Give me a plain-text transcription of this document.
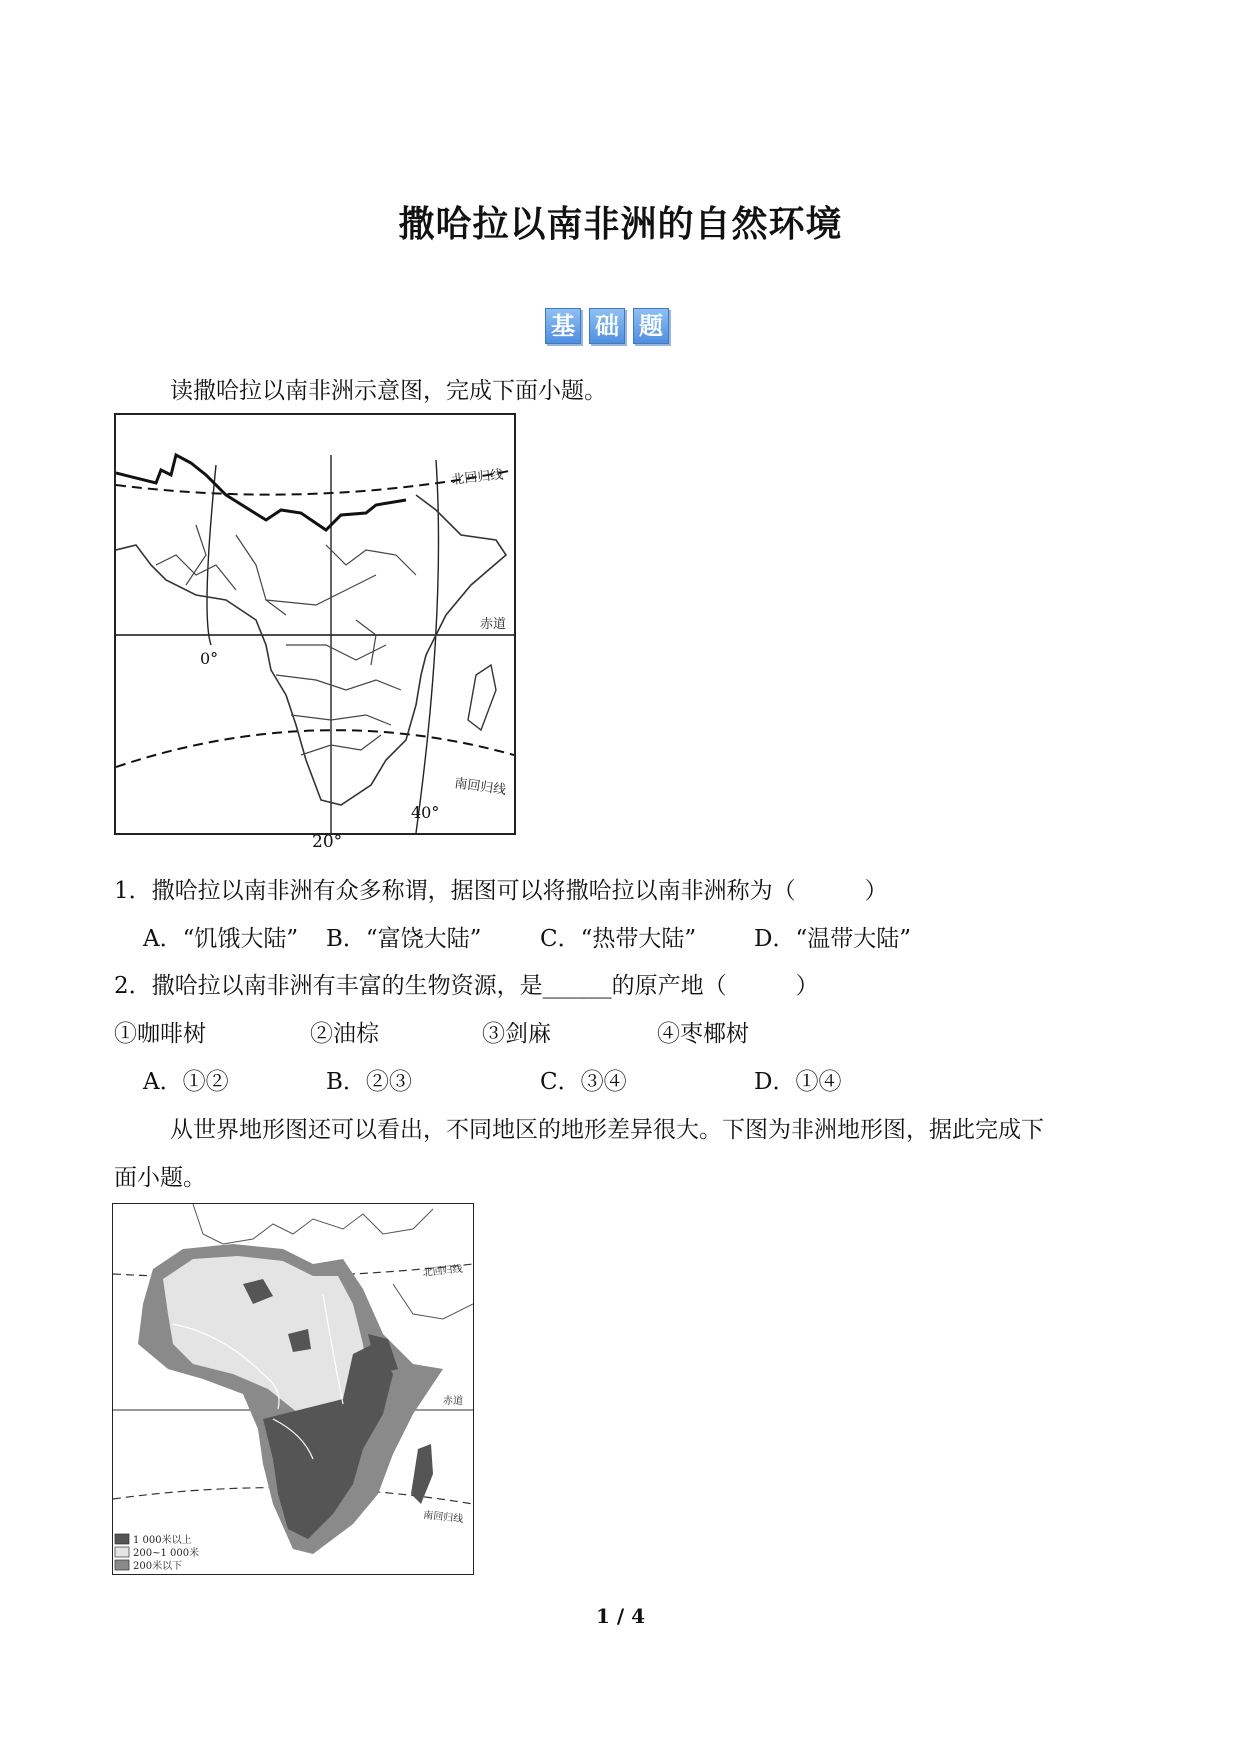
撒哈拉以南非洲的自然环境
基 础 题
读撒哈拉以南非洲示意图，完成下面小题。
北回归线
赤道
南回归线
0°
40°
20°
1．撒哈拉以南非洲有众多称谓，据图可以将撒哈拉以南非洲称为（　　　）
A．“饥饿大陆” B．“富饶大陆”	C．“热带大陆”	D．“温带大陆”
2．撒哈拉以南非洲有丰富的生物资源，是______的原产地（　　　）
①咖啡树	②油棕	③剑麻	④枣椰树
A．①②	B．②③	C．③④	D．①④
从世界地形图还可以看出，不同地区的地形差异很大。下图为非洲地形图，据此完成下
面小题。
北回归线
赤道
南回归线
1 000米以上
200~1 000米
200米以下
1 / 4
